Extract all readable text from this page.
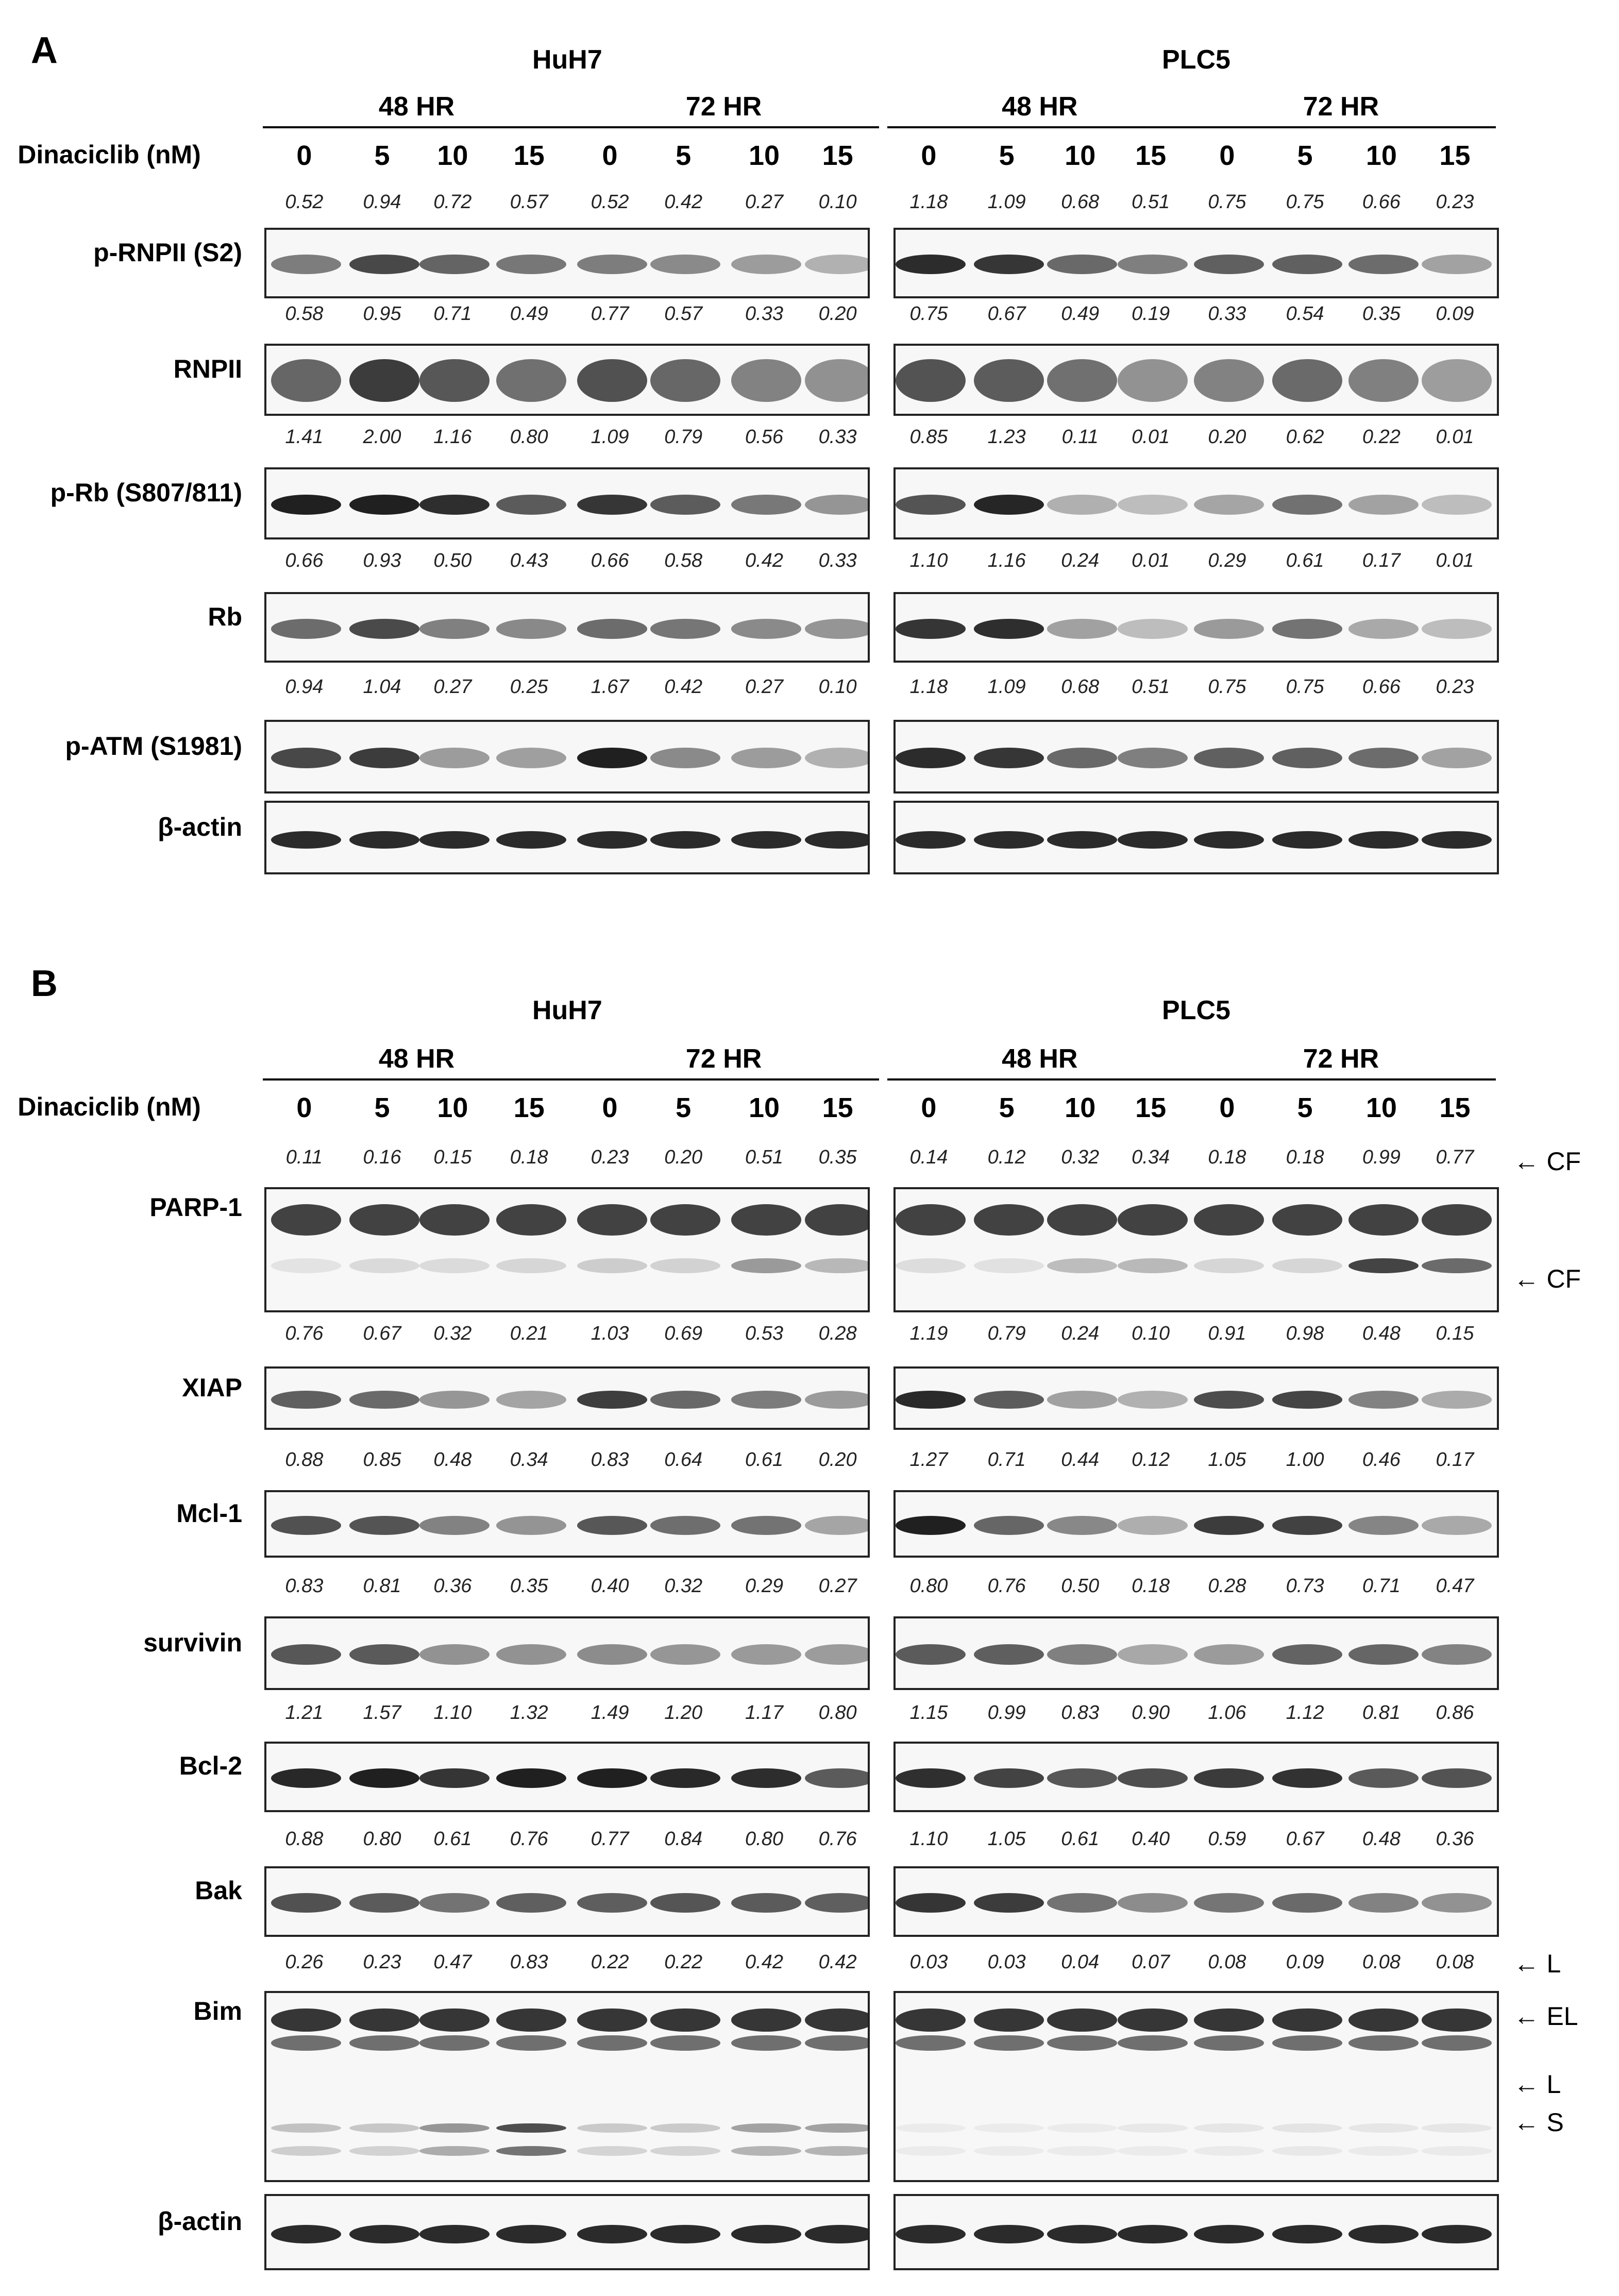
A	HuH7	PLC5
48 HR	72 HR	48 HR	72 HR
Dinaciclib (nM)	0	5	10	15	0	5	10	15	0	5	10	15	0	5	10	15
p-RNPII (S2)
0.52	0.94	0.72	0.57	0.52	0.42	0.27	0.10	1.18	1.09	0.68	0.51	0.75	0.75	0.66	0.23
RNPII
0.58	0.95	0.71	0.49	0.77	0.57	0.33	0.20	0.75	0.67	0.49	0.19	0.33	0.54	0.35	0.09
p-Rb (S807/811)
1.41	2.00	1.16	0.80	1.09	0.79	0.56	0.33	0.85	1.23	0.11	0.01	0.20	0.62	0.22	0.01
Rb
0.66	0.93	0.50	0.43	0.66	0.58	0.42	0.33	1.10	1.16	0.24	0.01	0.29	0.61	0.17	0.01
p-ATM (S1981)
0.94	1.04	0.27	0.25	1.67	0.42	0.27	0.10	1.18	1.09	0.68	0.51	0.75	0.75	0.66	0.23
β-actin
B
HuH7	PLC5
48 HR	72 HR	48 HR	72 HR
Dinaciclib (nM)	0	5	10	15	0	5	10	15	0	5	10	15	0	5	10	15
PARP-1
0.11	0.16	0.15	0.18	0.23	0.20	0.51	0.35	0.14	0.12	0.32	0.34	0.18	0.18	0.99	0.77
XIAP
0.76	0.67	0.32	0.21	1.03	0.69	0.53	0.28	1.19	0.79	0.24	0.10	0.91	0.98	0.48	0.15
Mcl-1
0.88	0.85	0.48	0.34	0.83	0.64	0.61	0.20	1.27	0.71	0.44	0.12	1.05	1.00	0.46	0.17
survivin
0.83	0.81	0.36	0.35	0.40	0.32	0.29	0.27	0.80	0.76	0.50	0.18	0.28	0.73	0.71	0.47
Bcl-2
1.21	1.57	1.10	1.32	1.49	1.20	1.17	0.80	1.15	0.99	0.83	0.90	1.06	1.12	0.81	0.86
Bak
0.88	0.80	0.61	0.76	0.77	0.84	0.80	0.76	1.10	1.05	0.61	0.40	0.59	0.67	0.48	0.36
Bim
0.26	0.23	0.47	0.83	0.22	0.22	0.42	0.42	0.03	0.03	0.04	0.07	0.08	0.09	0.08	0.08
β-actin
← CF
← CF
← L
← EL
← L
← S
